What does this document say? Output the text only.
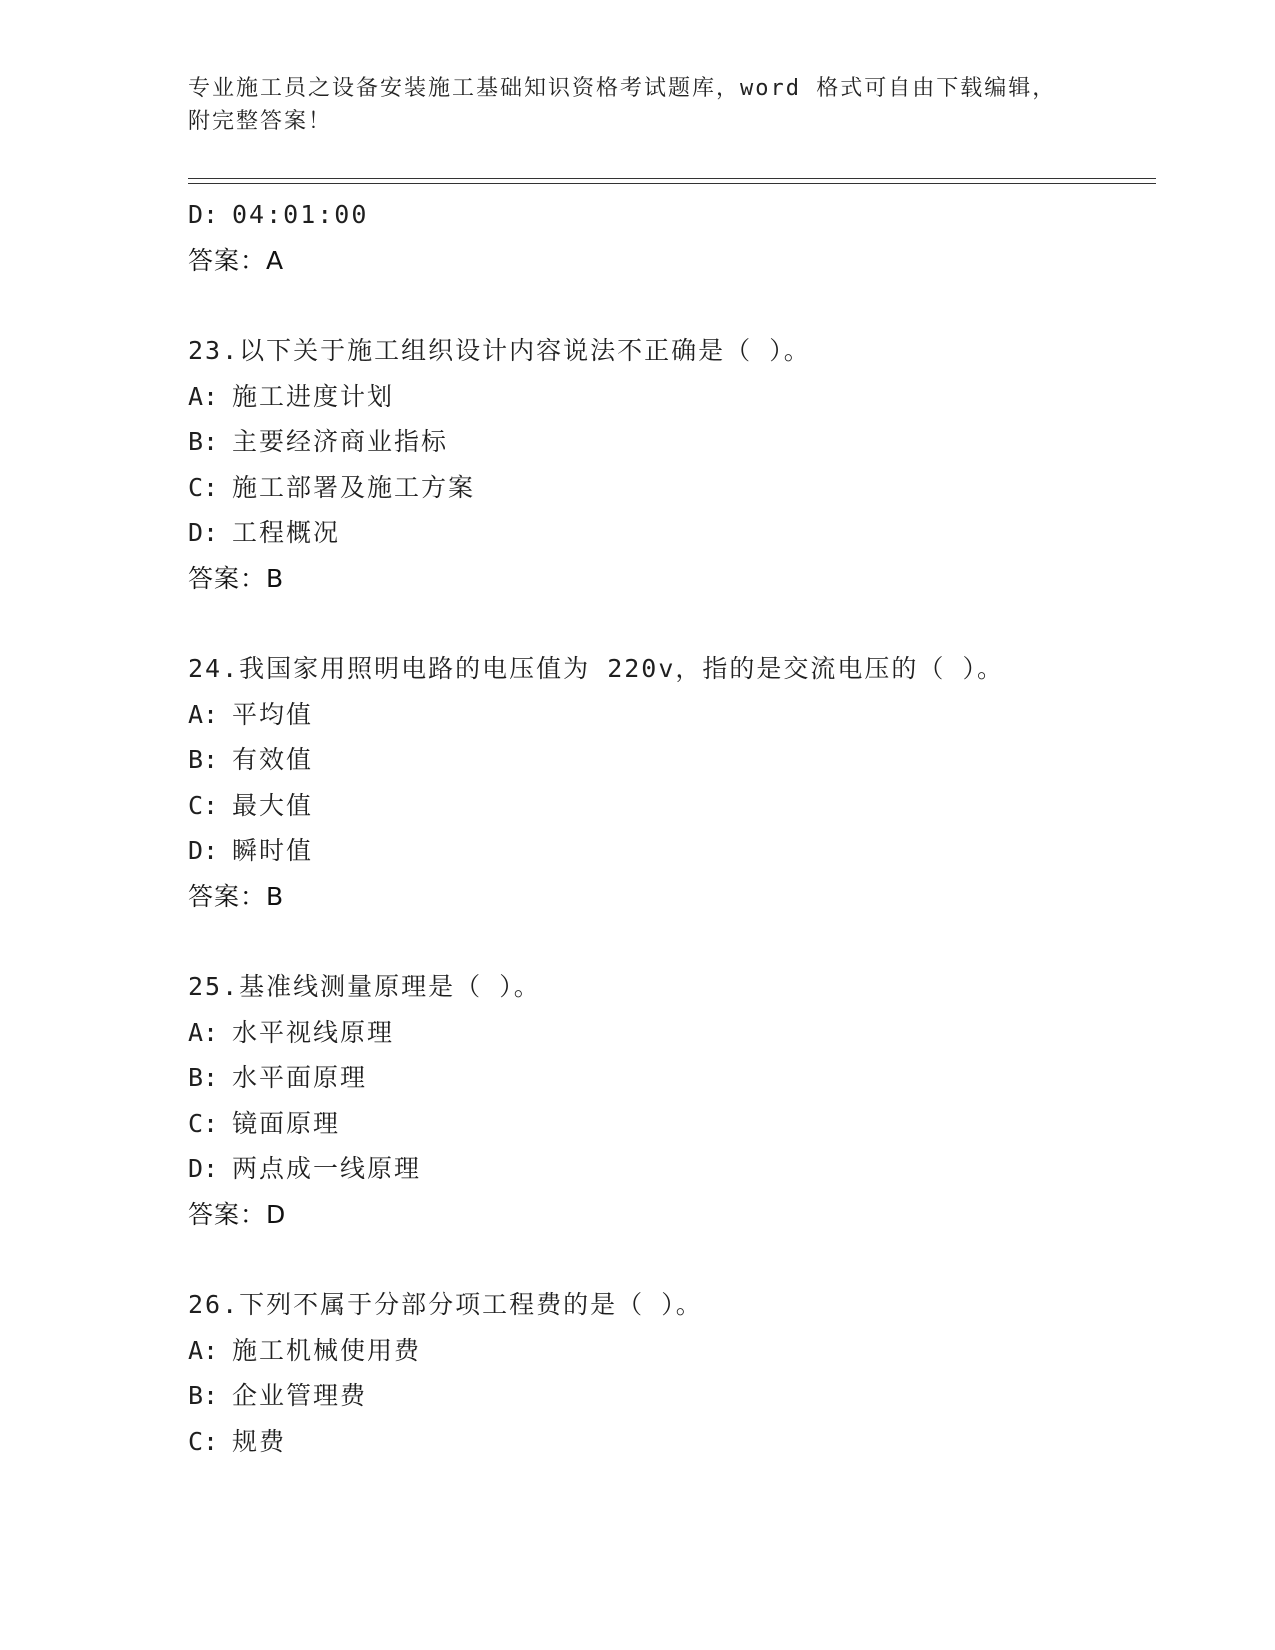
专业施工员之设备安装施工基础知识资格考试题库，word 格式可自由下载编辑，
附完整答案！
D: 04:01:00
答案：A
23.以下关于施工组织设计内容说法不正确是（ ）。
A: 施工进度计划
B: 主要经济商业指标
C: 施工部署及施工方案
D: 工程概况
答案：B
24.我国家用照明电路的电压值为 220v，指的是交流电压的（ ）。
A: 平均值
B: 有效值
C: 最大值
D: 瞬时值
答案：B
25.基准线测量原理是（ ）。
A: 水平视线原理
B: 水平面原理
C: 镜面原理
D: 两点成一线原理
答案：D
26.下列不属于分部分项工程费的是（ ）。
A: 施工机械使用费
B: 企业管理费
C: 规费
